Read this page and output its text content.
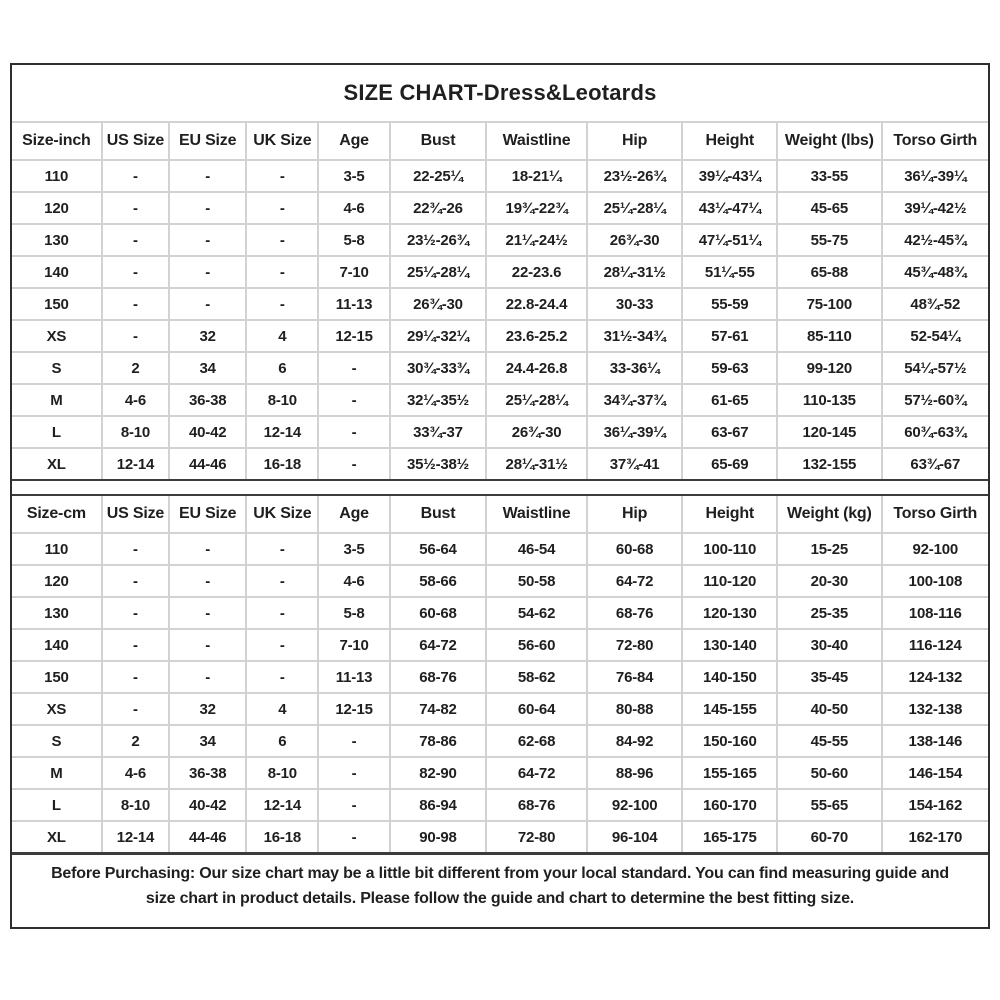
SIZE CHART-Dress&Leotards
Size-inch	US Size	EU Size	UK Size	Age	Bust	Waistline	Hip	Height	Weight (lbs)	Torso Girth
110	-	-	-	3-5	22-25¼	18-21¼	23½-26¾	39¼-43¼	33-55	36¼-39¼
120	-	-	-	4-6	22¾-26	19¾-22¾	25¼-28¼	43¼-47¼	45-65	39¼-42½
130	-	-	-	5-8	23½-26¾	21¼-24½	26¾-30	47¼-51¼	55-75	42½-45¾
140	-	-	-	7-10	25¼-28¼	22-23.6	28¼-31½	51¼-55	65-88	45¾-48¾
150	-	-	-	11-13	26¾-30	22.8-24.4	30-33	55-59	75-100	48¾-52
XS	-	32	4	12-15	29¼-32¼	23.6-25.2	31½-34¾	57-61	85-110	52-54¼
S	2	34	6	-	30¾-33¾	24.4-26.8	33-36¼	59-63	99-120	54¼-57½
M	4-6	36-38	8-10	-	32¼-35½	25¼-28¼	34¾-37¾	61-65	110-135	57½-60¾
L	8-10	40-42	12-14	-	33¾-37	26¾-30	36¼-39¼	63-67	120-145	60¾-63¾
XL	12-14	44-46	16-18	-	35½-38½	28¼-31½	37¾-41	65-69	132-155	63¾-67
Size-cm	US Size	EU Size	UK Size	Age	Bust	Waistline	Hip	Height	Weight (kg)	Torso Girth
110	-	-	-	3-5	56-64	46-54	60-68	100-110	15-25	92-100
120	-	-	-	4-6	58-66	50-58	64-72	110-120	20-30	100-108
130	-	-	-	5-8	60-68	54-62	68-76	120-130	25-35	108-116
140	-	-	-	7-10	64-72	56-60	72-80	130-140	30-40	116-124
150	-	-	-	11-13	68-76	58-62	76-84	140-150	35-45	124-132
XS	-	32	4	12-15	74-82	60-64	80-88	145-155	40-50	132-138
S	2	34	6	-	78-86	62-68	84-92	150-160	45-55	138-146
M	4-6	36-38	8-10	-	82-90	64-72	88-96	155-165	50-60	146-154
L	8-10	40-42	12-14	-	86-94	68-76	92-100	160-170	55-65	154-162
XL	12-14	44-46	16-18	-	90-98	72-80	96-104	165-175	60-70	162-170
Before Purchasing: Our size chart may be a little bit different from your local standard. You can find measuring guide and
size chart in product details. Please follow the guide and chart to determine the best fitting size.
